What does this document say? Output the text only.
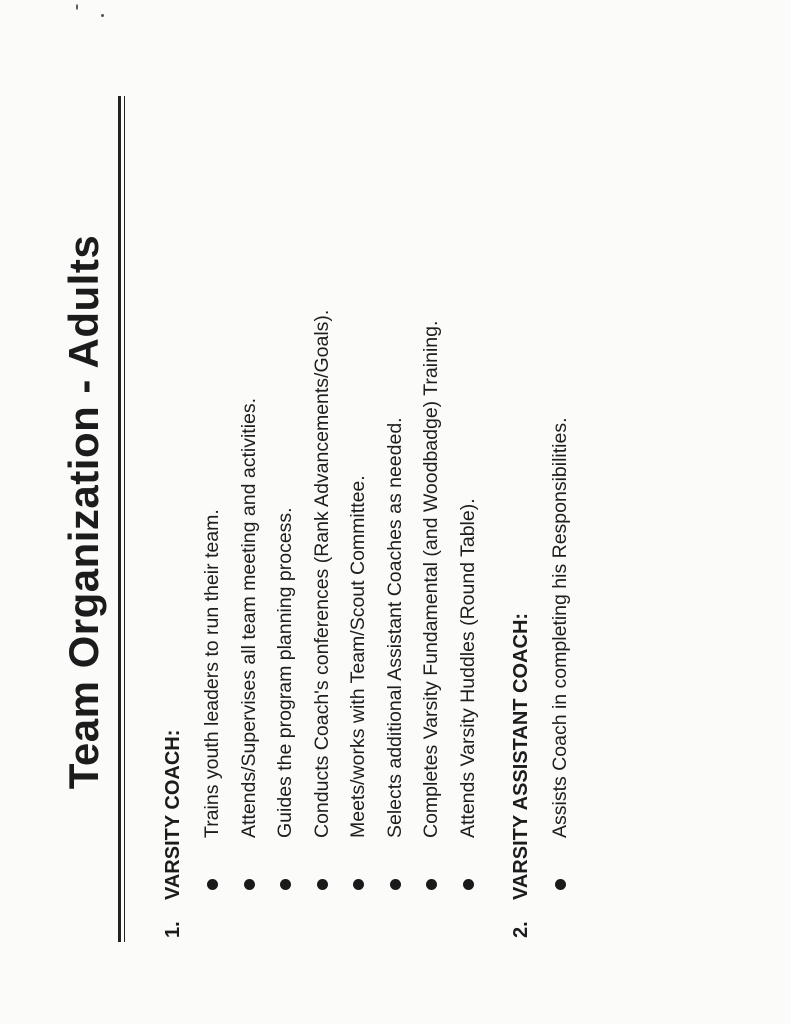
Team Organization - Adults
1.VARSITY COACH: Trains youth leaders to run their team. Attends/Supervises all team meeting and activities. Guides the program planning process. Conducts Coach's conferences (Rank Advancements/Goals). Meets/works with Team/Scout Committee. Selects additional Assistant Coaches as needed. Completes Varsity Fundamental (and Woodbadge) Training. Attends Varsity Huddles (Round Table).
2.VARSITY ASSISTANT COACH: Assists Coach in completing his Responsibilities.
